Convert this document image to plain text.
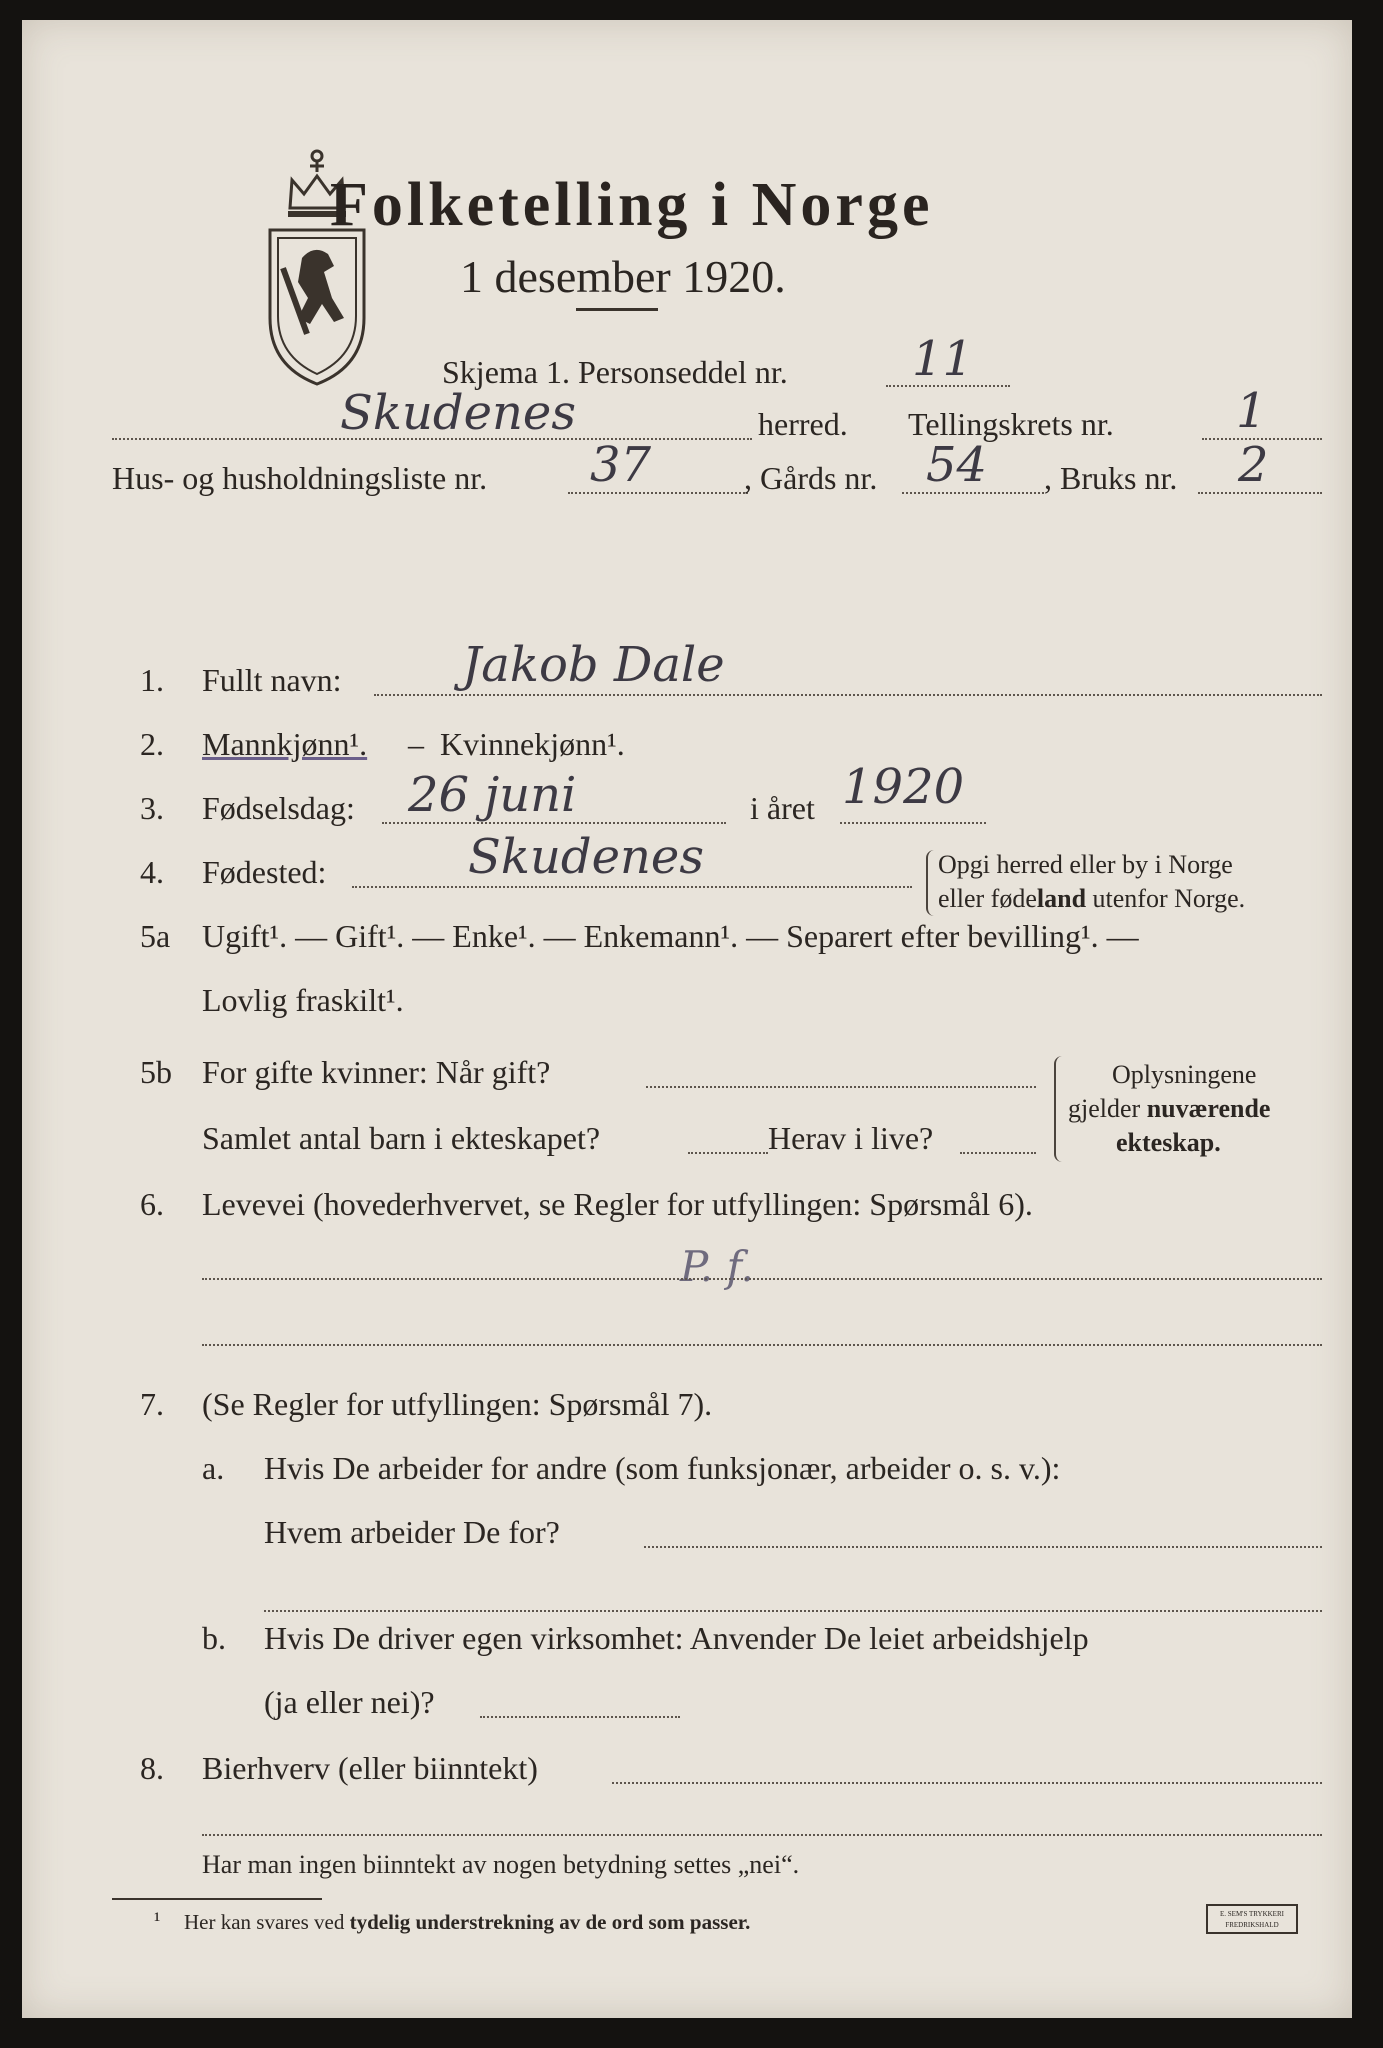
Folketelling i Norge
1 desember 1920.
Skjema 1. Personseddel nr.	11
Skudenes	herred. Tellingskrets nr.	1
Hus- og husholdningsliste nr. 37	, Gårds nr. 54 , Bruks nr. 2
1. Fullt navn:	Jakob Dale
2. Mannkjønn¹. – Kvinnekjønn¹.
3. Fødselsdag: 26 juni	i året 1920
4. Fødested:	Skudenes	Opgi herred eller by i Norge
eller fødeland utenfor Norge.
5a Ugift¹. — Gift¹. — Enke¹. — Enkemann¹. — Separert efter bevilling¹. —
Lovlig fraskilt¹.
5b For gifte kvinner: Når gift?
Samlet antal barn i ekteskapet?	Herav i live?
Oplysningene
gjelder nuværende
ekteskap.
6. Levevei (hovederhvervet, se Regler for utfyllingen: Spørsmål 6).
P. f.
7. (Se Regler for utfyllingen: Spørsmål 7).
a. Hvis De arbeider for andre (som funksjonær, arbeider o. s. v.):
Hvem arbeider De for?
b. Hvis De driver egen virksomhet: Anvender De leiet arbeidshjelp
(ja eller nei)?
8. Bierhverv (eller biinntekt)
Har man ingen biinntekt av nogen betydning settes „nei“.
¹ Her kan svares ved tydelig understrekning av de ord som passer.	E. SEM'S TRYKKERI
FREDRIKSHALD
